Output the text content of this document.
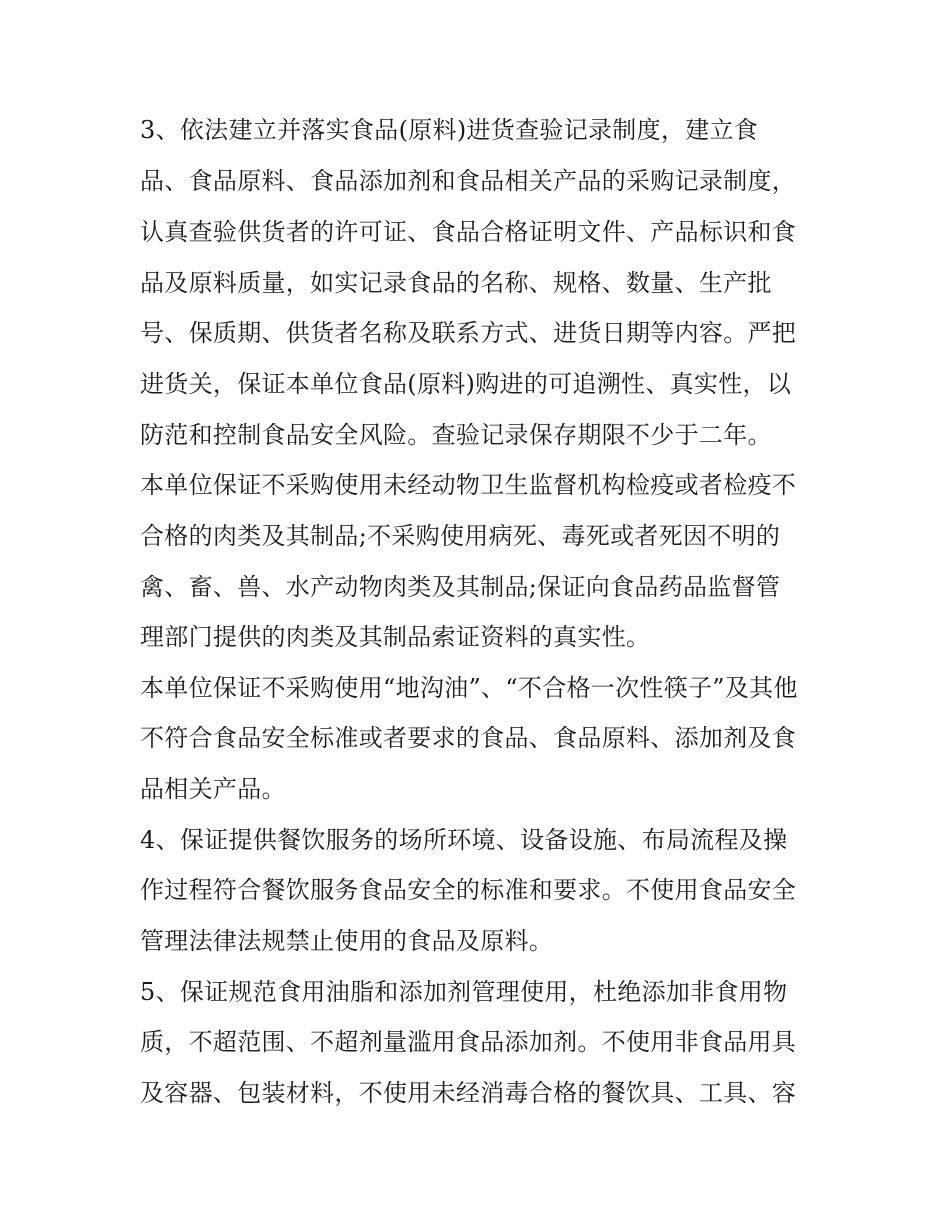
3、依法建立并落实食品(原料)进货查验记录制度，建立食
品、食品原料、食品添加剂和食品相关产品的采购记录制度，
认真查验供货者的许可证、食品合格证明文件、产品标识和食
品及原料质量，如实记录食品的名称、规格、数量、生产批
号、保质期、供货者名称及联系方式、进货日期等内容。严把
进货关，保证本单位食品(原料)购进的可追溯性、真实性，以
防范和控制食品安全风险。查验记录保存期限不少于二年。
本单位保证不采购使用未经动物卫生监督机构检疫或者检疫不
合格的肉类及其制品;不采购使用病死、毒死或者死因不明的
禽、畜、兽、水产动物肉类及其制品;保证向食品药品监督管
理部门提供的肉类及其制品索证资料的真实性。
本单位保证不采购使用“地沟油”、“不合格一次性筷子”及其他
不符合食品安全标准或者要求的食品、食品原料、添加剂及食
品相关产品。
4、保证提供餐饮服务的场所环境、设备设施、布局流程及操
作过程符合餐饮服务食品安全的标准和要求。不使用食品安全
管理法律法规禁止使用的食品及原料。
5、保证规范食用油脂和添加剂管理使用，杜绝添加非食用物
质，不超范围、不超剂量滥用食品添加剂。不使用非食品用具
及容器、包装材料，不使用未经消毒合格的餐饮具、工具、容
